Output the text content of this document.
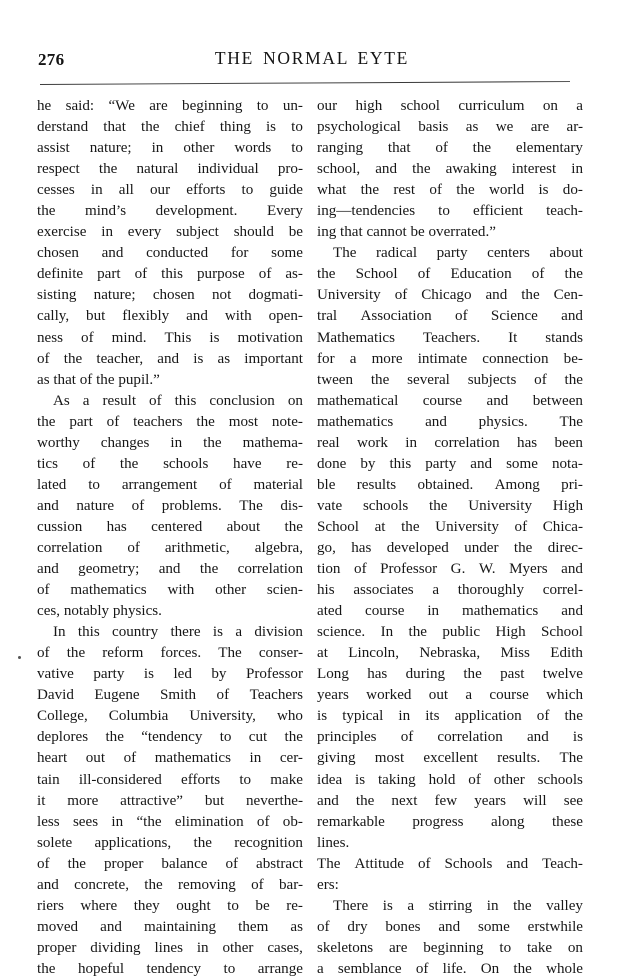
276	THE NORMAL EYTE
he said: “We are beginning to un-
derstand that the chief thing is to
assist nature; in other words to
respect the natural individual pro-
cesses in all our efforts to guide
the mind’s development. Every
exercise in every subject should be
chosen and conducted for some
definite part of this purpose of as-
sisting nature; chosen not dogmati-
cally, but flexibly and with open-
ness of mind. This is motivation
of the teacher, and is as important
as that of the pupil.”
As a result of this conclusion on
the part of teachers the most note-
worthy changes in the mathema-
tics of the schools have re-
lated to arrangement of material
and nature of problems. The dis-
cussion has centered about the
correlation of arithmetic, algebra,
and geometry; and the correlation
of mathematics with other scien-
ces, notably physics.
In this country there is a division
of the reform forces. The conser-
vative party is led by Professor
David Eugene Smith of Teachers
College, Columbia University, who
deplores the “tendency to cut the
heart out of mathematics in cer-
tain ill-considered efforts to make
it more attractive” but neverthe-
less sees in “the elimination of ob-
solete applications, the recognition
of the proper balance of abstract
and concrete, the removing of bar-
riers where they ought to be re-
moved and maintaining them as
proper dividing lines in other cases,
the hopeful tendency to arrange
our high school curriculum on a
psychological basis as we are ar-
ranging that of the elementary
school, and the awaking interest in
what the rest of the world is do-
ing—tendencies to efficient teach-
ing that cannot be overrated.”
The radical party centers about
the School of Education of the
University of Chicago and the Cen-
tral Association of Science and
Mathematics Teachers. It stands
for a more intimate connection be-
tween the several subjects of the
mathematical course and between
mathematics and physics. The
real work in correlation has been
done by this party and some nota-
ble results obtained. Among pri-
vate schools the University High
School at the University of Chica-
go, has developed under the direc-
tion of Professor G. W. Myers and
his associates a thoroughly correl-
ated course in mathematics and
science. In the public High School
at Lincoln, Nebraska, Miss Edith
Long has during the past twelve
years worked out a course which
is typical in its application of the
principles of correlation and is
giving most excellent results. The
idea is taking hold of other schools
and the next few years will see
remarkable progress along these
lines.
The Attitude of Schools and Teach-
ers:
There is a stirring in the valley
of dry bones and some erstwhile
skeletons are beginning to take on
a semblance of life. On the whole
